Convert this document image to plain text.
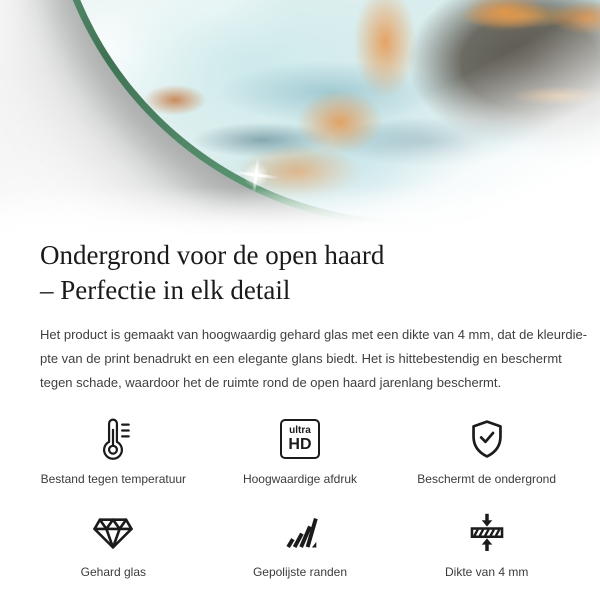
Ondergrond voor de open haard
– Perfectie in elk detail

Het product is gemaakt van hoogwaardig gehard glas met een dikte van 4 mm, dat de kleurdie-
pte van de print benadrukt en een elegante glans biedt. Het is hittebestendig en beschermt
tegen schade, waardoor het de ruimte rond de open haard jarenlang beschermt.

Bestand tegen temperatuur
ultra
HD
Hoogwaardige afdruk	Beschermt de ondergrond
Gehard glas	Gepolijste randen	Dikte van 4 mm
